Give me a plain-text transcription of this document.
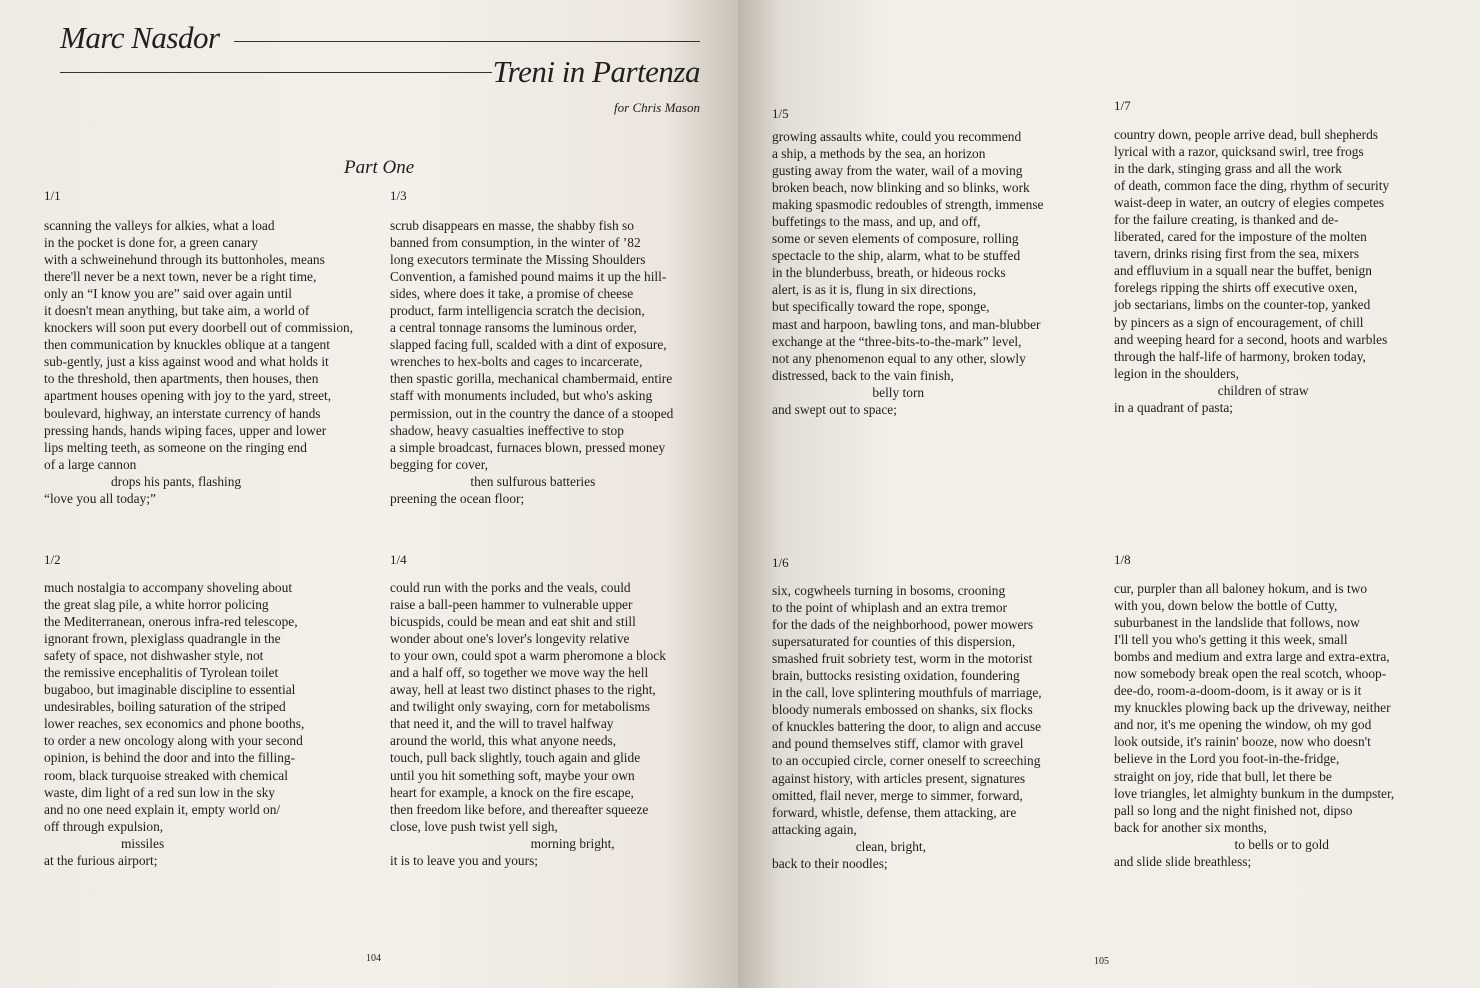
Marc Nasdor
Treni in Partenza
for Chris Mason
Part One
1/1
scanning the valleys for alkies, what a load
in the pocket is done for, a green canary
with a schweinehund through its buttonholes, means
there'll never be a next town, never be a right time,
only an “I know you are” said over again until
it doesn't mean anything, but take aim, a world of
knockers will soon put every doorbell out of commission,
then communication by knuckles oblique at a tangent
sub-gently, just a kiss against wood and what holds it
to the threshold, then apartments, then houses, then
apartment houses opening with joy to the yard, street,
boulevard, highway, an interstate currency of hands
pressing hands, hands wiping faces, upper and lower
lips melting teeth, as someone on the ringing end
of a large cannon
drops his pants, flashing
“love you all today;”
1/3
scrub disappears en masse, the shabby fish so
banned from consumption, in the winter of ’82
long executors terminate the Missing Shoulders
Convention, a famished pound maims it up the hill-
sides, where does it take, a promise of cheese
product, farm intelligencia scratch the decision,
a central tonnage ransoms the luminous order,
slapped facing full, scalded with a dint of exposure,
wrenches to hex-bolts and cages to incarcerate,
then spastic gorilla, mechanical chambermaid, entire
staff with monuments included, but who's asking
permission, out in the country the dance of a stooped
shadow, heavy casualties ineffective to stop
a simple broadcast, furnaces blown, pressed money
begging for cover,
then sulfurous batteries
preening the ocean floor;
1/2
much nostalgia to accompany shoveling about
the great slag pile, a white horror policing
the Mediterranean, onerous infra-red telescope,
ignorant frown, plexiglass quadrangle in the
safety of space, not dishwasher style, not
the remissive encephalitis of Tyrolean toilet
bugaboo, but imaginable discipline to essential
undesirables, boiling saturation of the striped
lower reaches, sex economics and phone booths,
to order a new oncology along with your second
opinion, is behind the door and into the filling-
room, black turquoise streaked with chemical
waste, dim light of a red sun low in the sky
and no one need explain it, empty world on/
off through expulsion,
missiles
at the furious airport;
1/4
could run with the porks and the veals, could
raise a ball-peen hammer to vulnerable upper
bicuspids, could be mean and eat shit and still
wonder about one's lover's longevity relative
to your own, could spot a warm pheromone a block
and a half off, so together we move way the hell
away, hell at least two distinct phases to the right,
and twilight only swaying, corn for metabolisms
that need it, and the will to travel halfway
around the world, this what anyone needs,
touch, pull back slightly, touch again and glide
until you hit something soft, maybe your own
heart for example, a knock on the fire escape,
then freedom like before, and thereafter squeeze
close, love push twist yell sigh,
morning bright,
it is to leave you and yours;
104
1/5
growing assaults white, could you recommend
a ship, a methods by the sea, an horizon
gusting away from the water, wail of a moving
broken beach, now blinking and so blinks, work
making spasmodic redoubles of strength, immense
buffetings to the mass, and up, and off,
some or seven elements of composure, rolling
spectacle to the ship, alarm, what to be stuffed
in the blunderbuss, breath, or hideous rocks
alert, is as it is, flung in six directions,
but specifically toward the rope, sponge,
mast and harpoon, bawling tons, and man-blubber
exchange at the “three-bits-to-the-mark” level,
not any phenomenon equal to any other, slowly
distressed, back to the vain finish,
belly torn
and swept out to space;
1/7
country down, people arrive dead, bull shepherds
lyrical with a razor, quicksand swirl, tree frogs
in the dark, stinging grass and all the work
of death, common face the ding, rhythm of security
waist-deep in water, an outcry of elegies competes
for the failure creating, is thanked and de-
liberated, cared for the imposture of the molten
tavern, drinks rising first from the sea, mixers
and effluvium in a squall near the buffet, benign
forelegs ripping the shirts off executive oxen,
job sectarians, limbs on the counter-top, yanked
by pincers as a sign of encouragement, of chill
and weeping heard for a second, hoots and warbles
through the half-life of harmony, broken today,
legion in the shoulders,
children of straw
in a quadrant of pasta;
1/6
six, cogwheels turning in bosoms, crooning
to the point of whiplash and an extra tremor
for the dads of the neighborhood, power mowers
supersaturated for counties of this dispersion,
smashed fruit sobriety test, worm in the motorist
brain, buttocks resisting oxidation, foundering
in the call, love splintering mouthfuls of marriage,
bloody numerals embossed on shanks, six flocks
of knuckles battering the door, to align and accuse
and pound themselves stiff, clamor with gravel
to an occupied circle, corner oneself to screeching
against history, with articles present, signatures
omitted, flail never, merge to simmer, forward,
forward, whistle, defense, them attacking, are
attacking again,
clean, bright,
back to their noodles;
1/8
cur, purpler than all baloney hokum, and is two
with you, down below the bottle of Cutty,
suburbanest in the landslide that follows, now
I'll tell you who's getting it this week, small
bombs and medium and extra large and extra-extra,
now somebody break open the real scotch, whoop-
dee-do, room-a-doom-doom, is it away or is it
my knuckles plowing back up the driveway, neither
and nor, it's me opening the window, oh my god
look outside, it's rainin' booze, now who doesn't
believe in the Lord you foot-in-the-fridge,
straight on joy, ride that bull, let there be
love triangles, let almighty bunkum in the dumpster,
pall so long and the night finished not, dipso
back for another six months,
to bells or to gold
and slide slide breathless;
105
